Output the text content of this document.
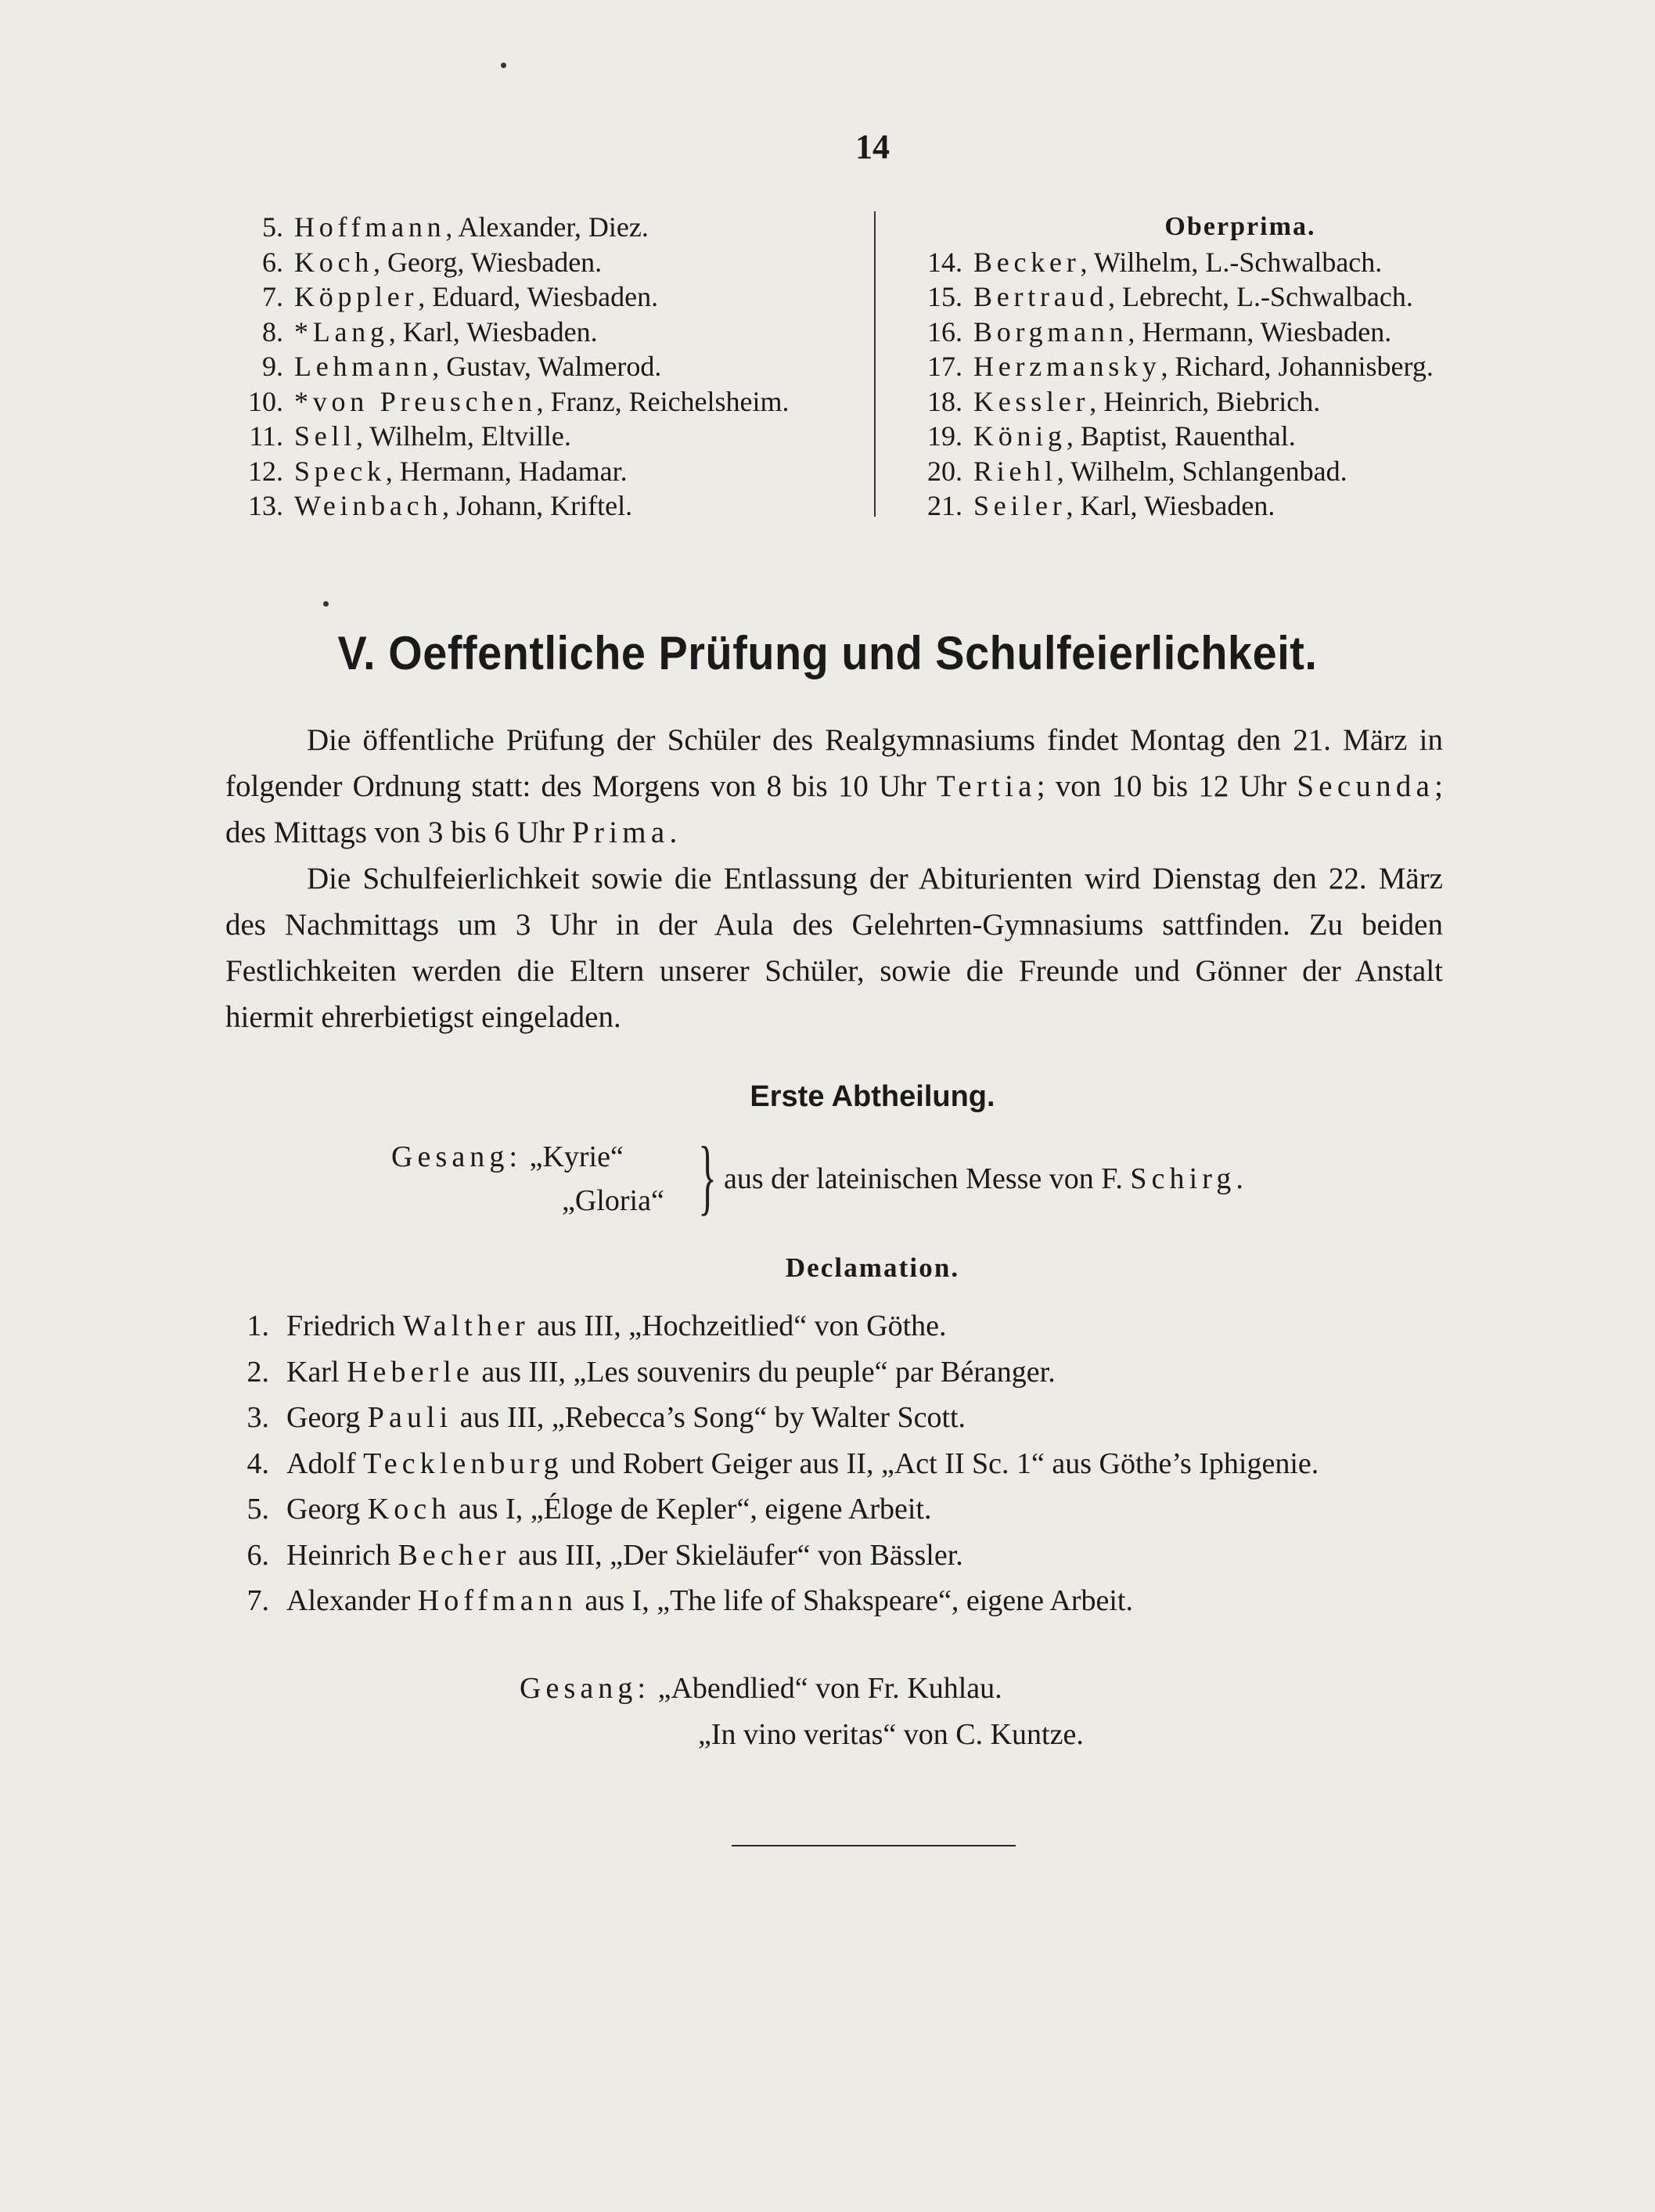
14
5. Hoffmann , Alexander, Diez.
6. Koch , Georg, Wiesbaden.
7. Köppler , Eduard, Wiesbaden.
8. *Lang , Karl, Wiesbaden.
9. Lehmann , Gustav, Walmerod.
10. *von Preuschen , Franz, Reichelsheim.
11. Sell , Wilhelm, Eltville.
12. Speck , Hermann, Hadamar.
13. Weinbach , Johann, Kriftel.
Oberprima.
14. Becker , Wilhelm, L.-Schwalbach.
15. Bertraud , Lebrecht, L.-Schwalbach.
16. Borgmann , Hermann, Wiesbaden.
17. Herzmansky , Richard, Johannisberg.
18. Kessler , Heinrich, Biebrich.
19. König , Baptist, Rauenthal.
20. Riehl , Wilhelm, Schlangenbad.
21. Seiler , Karl, Wiesbaden.
V. Oeffentliche Prüfung und Schulfeierlichkeit.
Die öffentliche Prüfung der Schüler des Realgymnasiums findet Montag den 21. März in folgender Ordnung statt: des Morgens von 8 bis 10 Uhr Tertia; von 10 bis 12 Uhr Secunda; des Mittags von 3 bis 6 Uhr Prima.
Die Schulfeierlichkeit sowie die Entlassung der Abiturienten wird Dienstag den 22. März des Nachmittags um 3 Uhr in der Aula des Gelehrten-Gymnasiums sattfinden. Zu beiden Festlichkeiten werden die Eltern unserer Schüler, sowie die Freunde und Gönner der Anstalt hiermit ehrerbietigst eingeladen.
Erste Abtheilung.
Gesang: „Kyrie“
„Gloria“ } aus der lateinischen Messe von F. Schirg.
Declamation.
1. Friedrich Walther aus III, „Hochzeitlied“ von Göthe.
2. Karl Heberle aus III, „Les souvenirs du peuple“ par Béranger.
3. Georg Pauli aus III, „Rebecca’s Song“ by Walter Scott.
4. Adolf Tecklenburg und Robert Geiger aus II, „Act II Sc. 1“ aus Göthe’s Iphigenie.
5. Georg Koch aus I, „Éloge de Kepler“, eigene Arbeit.
6. Heinrich Becher aus III, „Der Skieläufer“ von Bässler.
7. Alexander Hoffmann aus I, „The life of Shakspeare“, eigene Arbeit.
Gesang: „Abendlied“ von Fr. Kuhlau.
„In vino veritas“ von C. Kuntze.
